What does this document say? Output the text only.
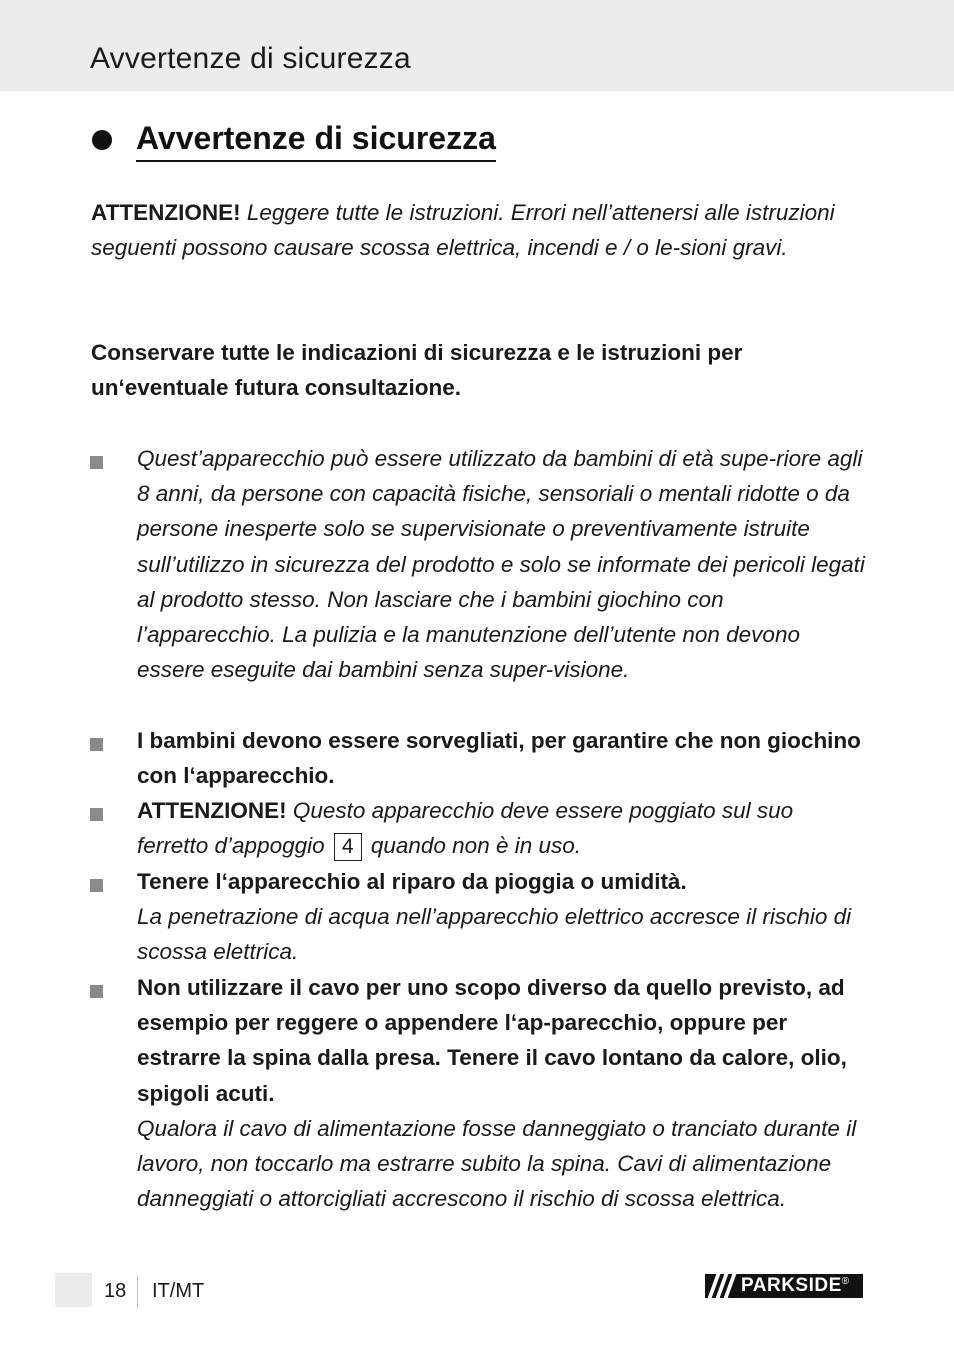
Avvertenze di sicurezza
Avvertenze di sicurezza
ATTENZIONE! Leggere tutte le istruzioni. Errori nell’attenersi alle istruzioni seguenti possono causare scossa elettrica, incendi e / o le-sioni gravi.
Conservare tutte le indicazioni di sicurezza e le istruzioni per un‘eventuale futura consultazione.
Quest’apparecchio può essere utilizzato da bambini di età supe-riore agli 8 anni, da persone con capacità fisiche, sensoriali o mentali ridotte o da persone inesperte solo se supervisionate o preventivamente istruite sull’utilizzo in sicurezza del prodotto e solo se informate dei pericoli legati al prodotto stesso. Non lasciare che i bambini giochino con l’apparecchio. La pulizia e la manutenzione dell’utente non devono essere eseguite dai bambini senza super-visione.
I bambini devono essere sorvegliati, per garantire che non giochino con l‘apparecchio.
ATTENZIONE! Questo apparecchio deve essere poggiato sul suo ferretto d’appoggio 4 quando non è in uso.
Tenere l‘apparecchio al riparo da pioggia o umidità.
La penetrazione di acqua nell’apparecchio elettrico accresce il rischio di scossa elettrica.
Non utilizzare il cavo per uno scopo diverso da quello previsto, ad esempio per reggere o appendere l‘ap-parecchio, oppure per estrarre la spina dalla presa. Tenere il cavo lontano da calore, olio, spigoli acuti.
Qualora il cavo di alimentazione fosse danneggiato o tranciato durante il lavoro, non toccarlo ma estrarre subito la spina. Cavi di alimentazione danneggiati o attorcigliati accrescono il rischio di scossa elettrica.
18 IT/MT	PARKSIDE ®
